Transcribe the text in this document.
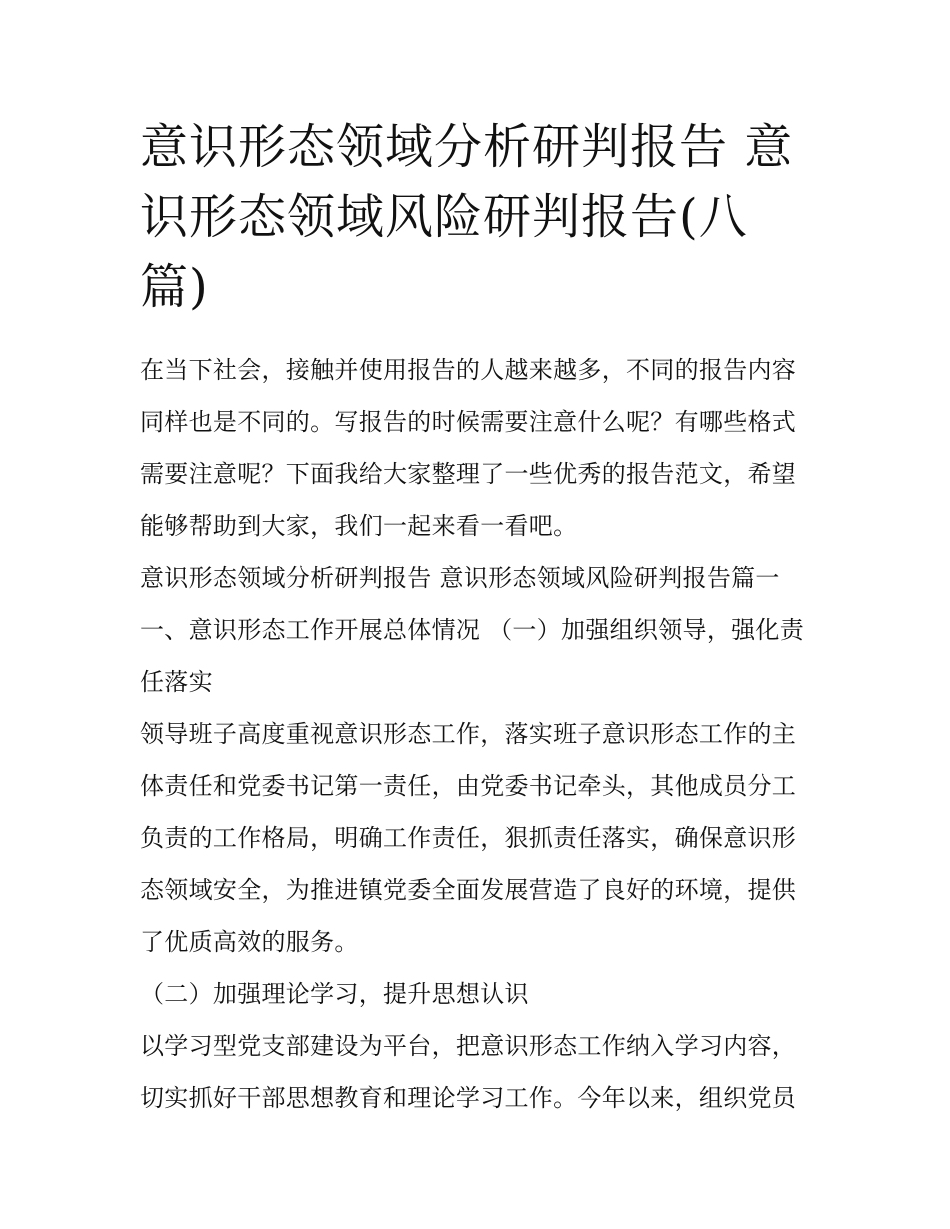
意识形态领域分析研判报告 意识形态领域风险研判报告(八篇)

在当下社会，接触并使用报告的人越来越多，不同的报告内容同样也是不同的。写报告的时候需要注意什么呢？有哪些格式需要注意呢？下面我给大家整理了一些优秀的报告范文，希望能够帮助到大家，我们一起来看一看吧。

意识形态领域分析研判报告 意识形态领域风险研判报告篇一

一、意识形态工作开展总体情况 （一）加强组织领导，强化责任落实

领导班子高度重视意识形态工作，落实班子意识形态工作的主体责任和党委书记第一责任，由党委书记牵头，其他成员分工负责的工作格局，明确工作责任，狠抓责任落实，确保意识形态领域安全，为推进镇党委全面发展营造了良好的环境，提供了优质高效的服务。

（二）加强理论学习，提升思想认识

以学习型党支部建设为平台，把意识形态工作纳入学习内容，切实抓好干部思想教育和理论学习工作。今年以来，组织党员
